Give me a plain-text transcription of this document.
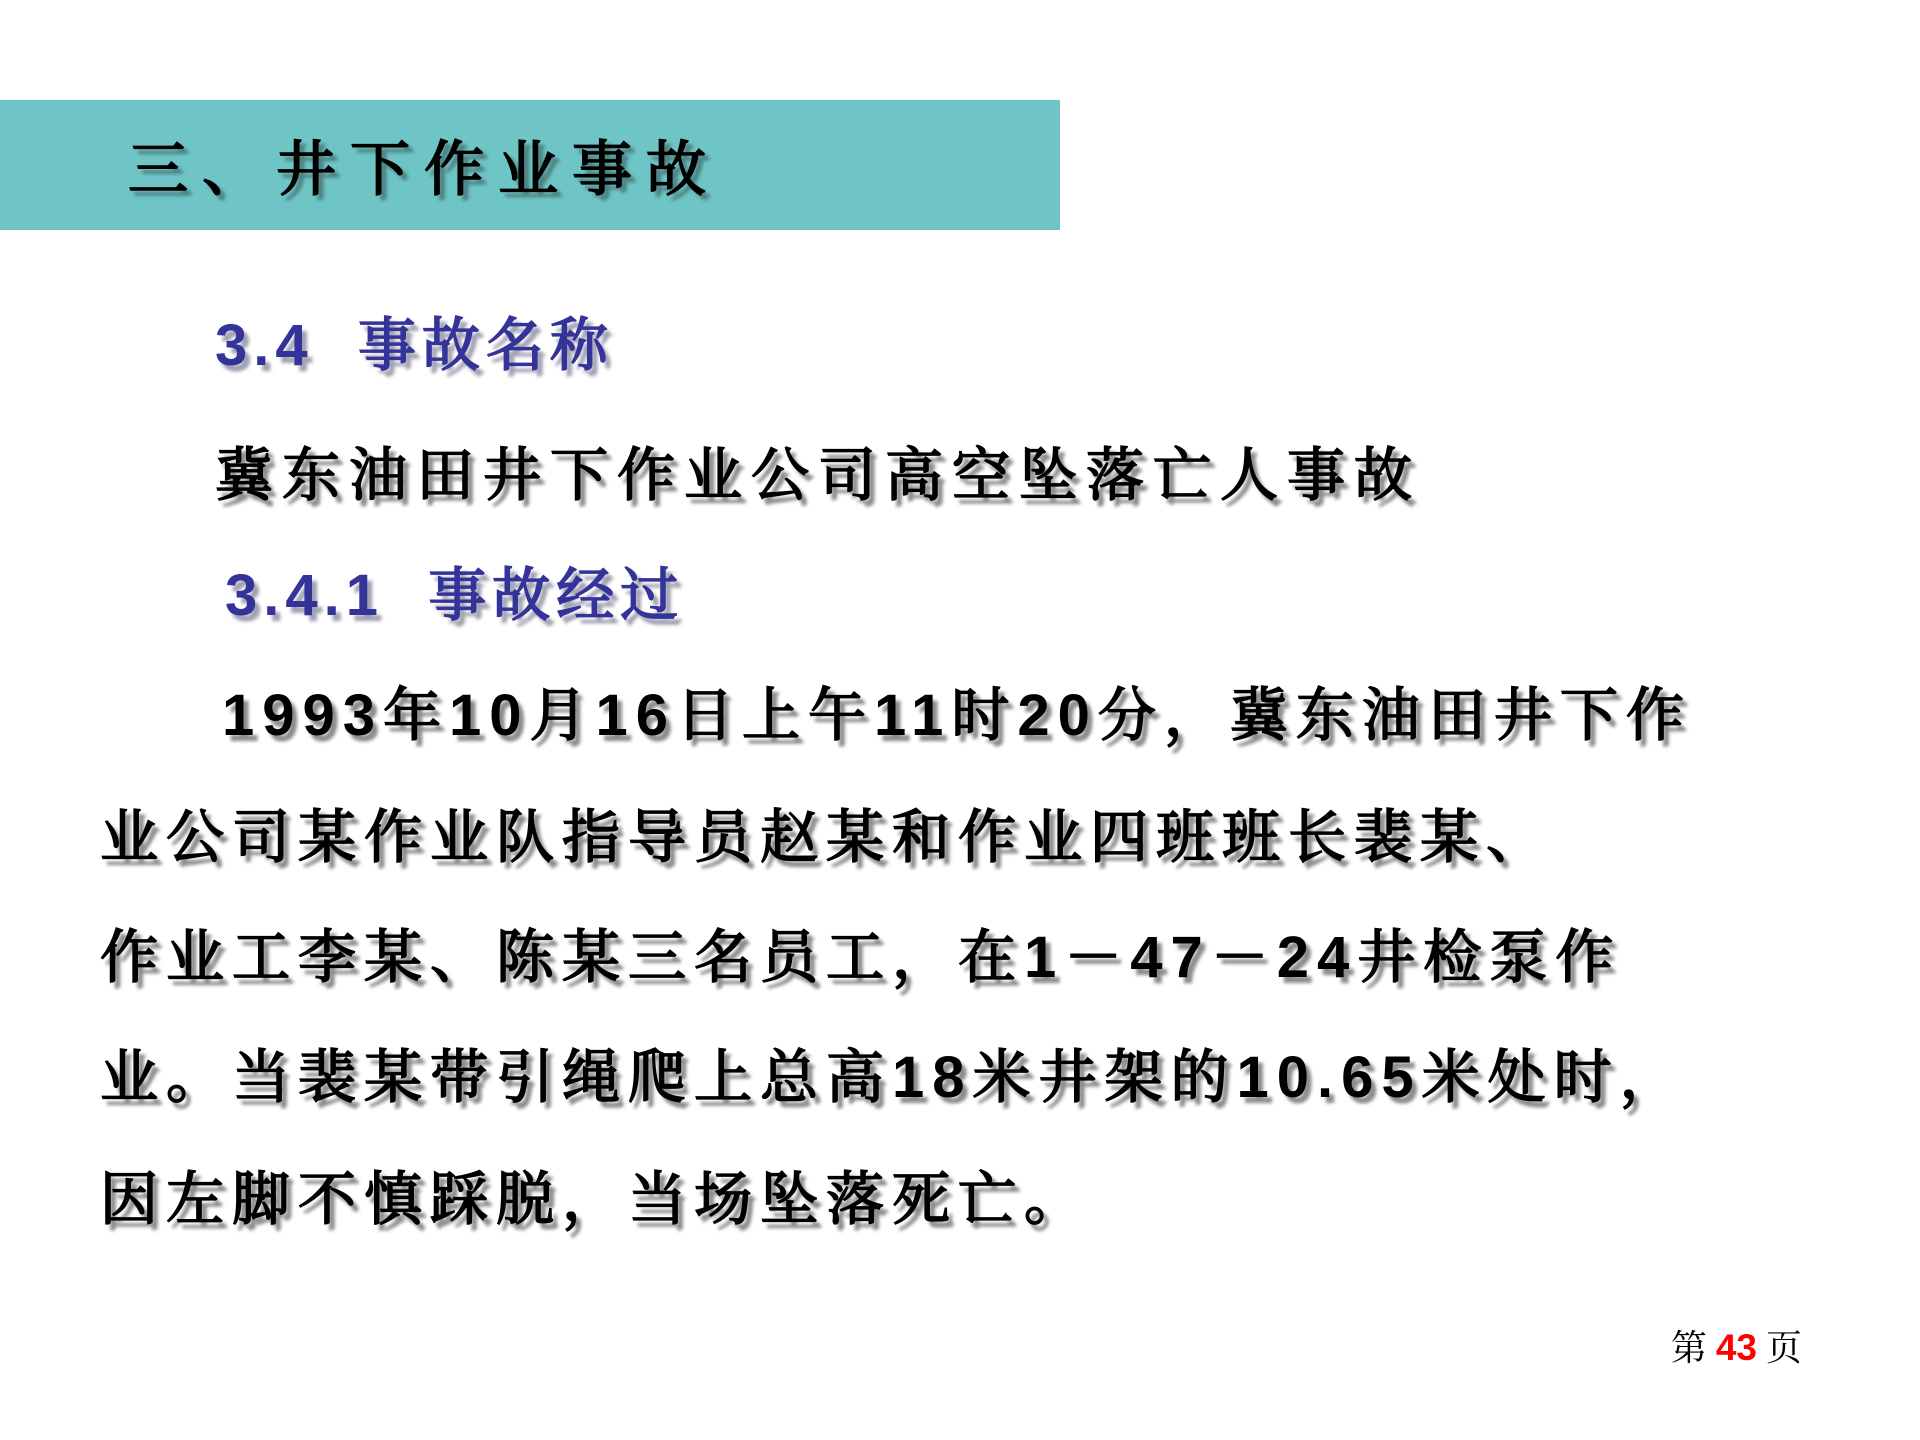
三、井下作业事故
3.4  事故名称
冀东油田井下作业公司高空坠落亡人事故
3.4.1  事故经过
1993年10月16日上午11时20分，冀东油田井下作
业公司某作业队指导员赵某和作业四班班长裴某、
作业工李某、陈某三名员工，在1－47－24井检泵作
业。当裴某带引绳爬上总高18米井架的10.65米处时，
因左脚不慎踩脱，当场坠落死亡。
第 43 页
